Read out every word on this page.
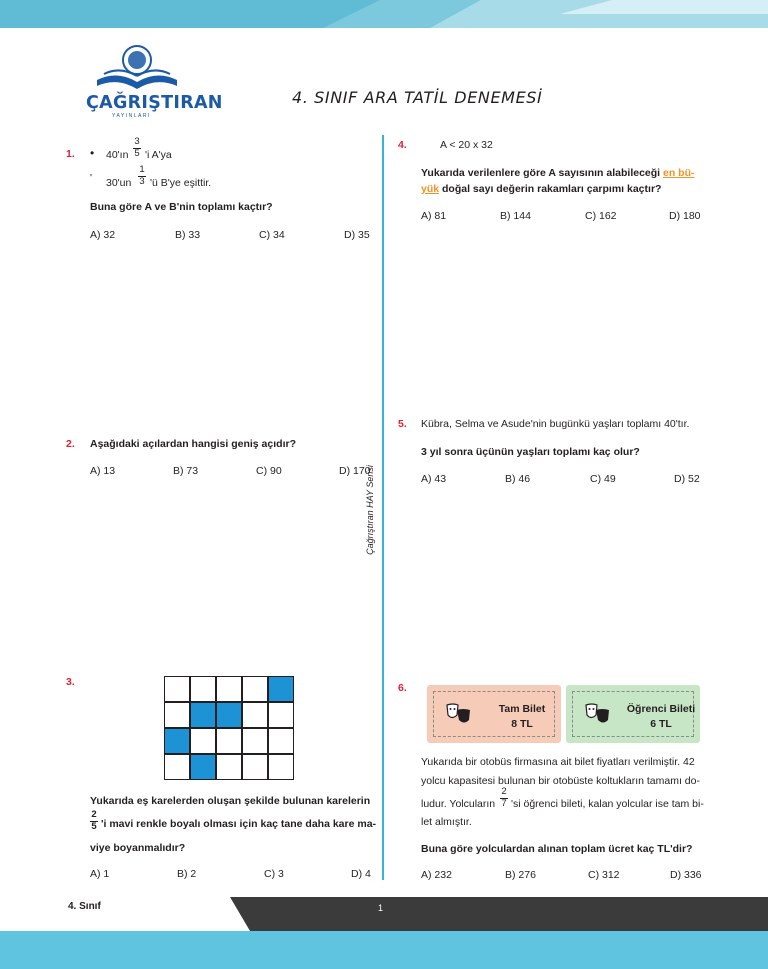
ÇAĞRIŞTIRAN
YAYINLARI
4. SINIF ARA TATİL DENEMESİ
Çağrıştıran HAY Serisi
1. • 40'ın
3
5 'i A'ya
' 30'un
1
3 'ü B'ye eşittir.
Buna göre A ve B'nin toplamı kaçtır?
A) 32	B) 33	C) 34	D) 35
2. Aşağıdaki açılardan hangisi geniş açıdır?
A) 13	B) 73	C) 90	D) 170
3.
Yukarıda eş karelerden oluşan şekilde bulunan karelerin
2
5 'i mavi renkle boyalı olması için kaç tane daha kare ma-
viye boyanmalıdır?
A) 1	B) 2	C) 3	D) 4
4.	A < 20 x 32
Yukarıda verilenlere göre A sayısının alabileceği en bü-
yük doğal sayı değerin rakamları çarpımı kaçtır?
A) 81	B) 144	C) 162	D) 180
5. Kübra, Selma ve Asude'nin bugünkü yaşları toplamı 40'tır.
3 yıl sonra üçünün yaşları toplamı kaç olur?
A) 43	B) 46	C) 49	D) 52
6.
Tam Bilet
8 TL
Öğrenci Bileti
6 TL
Yukarıda bir otobüs firmasına ait bilet fiyatları verilmiştir. 42
yolcu kapasitesi bulunan bir otobüste koltukların tamamı do-
ludur. Yolcuların
2
7 'si öğrenci bileti, kalan yolcular ise tam bi-
let almıştır.
Buna göre yolculardan alınan toplam ücret kaç TL'dir?
A) 232	B) 276	C) 312	D) 336
4. Sınıf	1
